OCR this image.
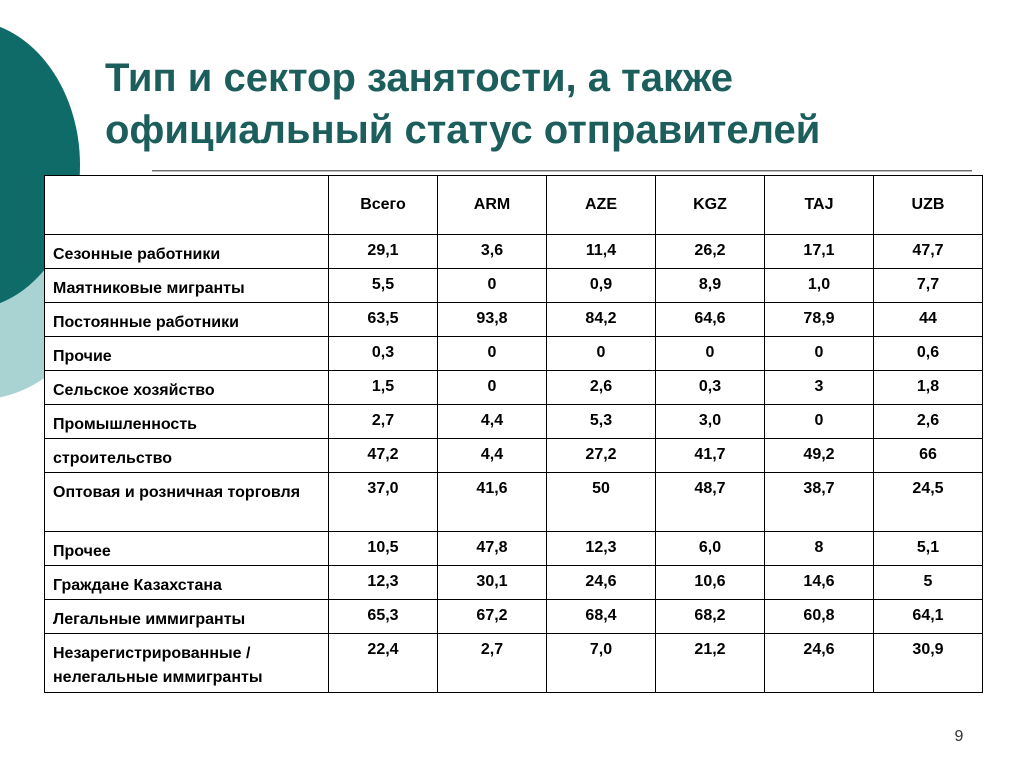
Тип и сектор занятости, а также
официальный статус отправителей
	Всего	ARM	AZE	KGZ	TAJ	UZB
Сезонные работники	29,1	3,6	11,4	26,2	17,1	47,7
Маятниковые мигранты	5,5	0	0,9	8,9	1,0	7,7
Постоянные работники	63,5	93,8	84,2	64,6	78,9	44
Прочие	0,3	0	0	0	0	0,6
Сельское хозяйство	1,5	0	2,6	0,3	3	1,8
Промышленность	2,7	4,4	5,3	3,0	0	2,6
строительство	47,2	4,4	27,2	41,7	49,2	66
Оптовая и розничная торговля	37,0	41,6	50	48,7	38,7	24,5
Прочее	10,5	47,8	12,3	6,0	8	5,1
Граждане Казахстана	12,3	30,1	24,6	10,6	14,6	5
Легальные иммигранты	65,3	67,2	68,4	68,2	60,8	64,1
Незарегистрированные / нелегальные иммигранты	22,4	2,7	7,0	21,2	24,6	30,9
9
